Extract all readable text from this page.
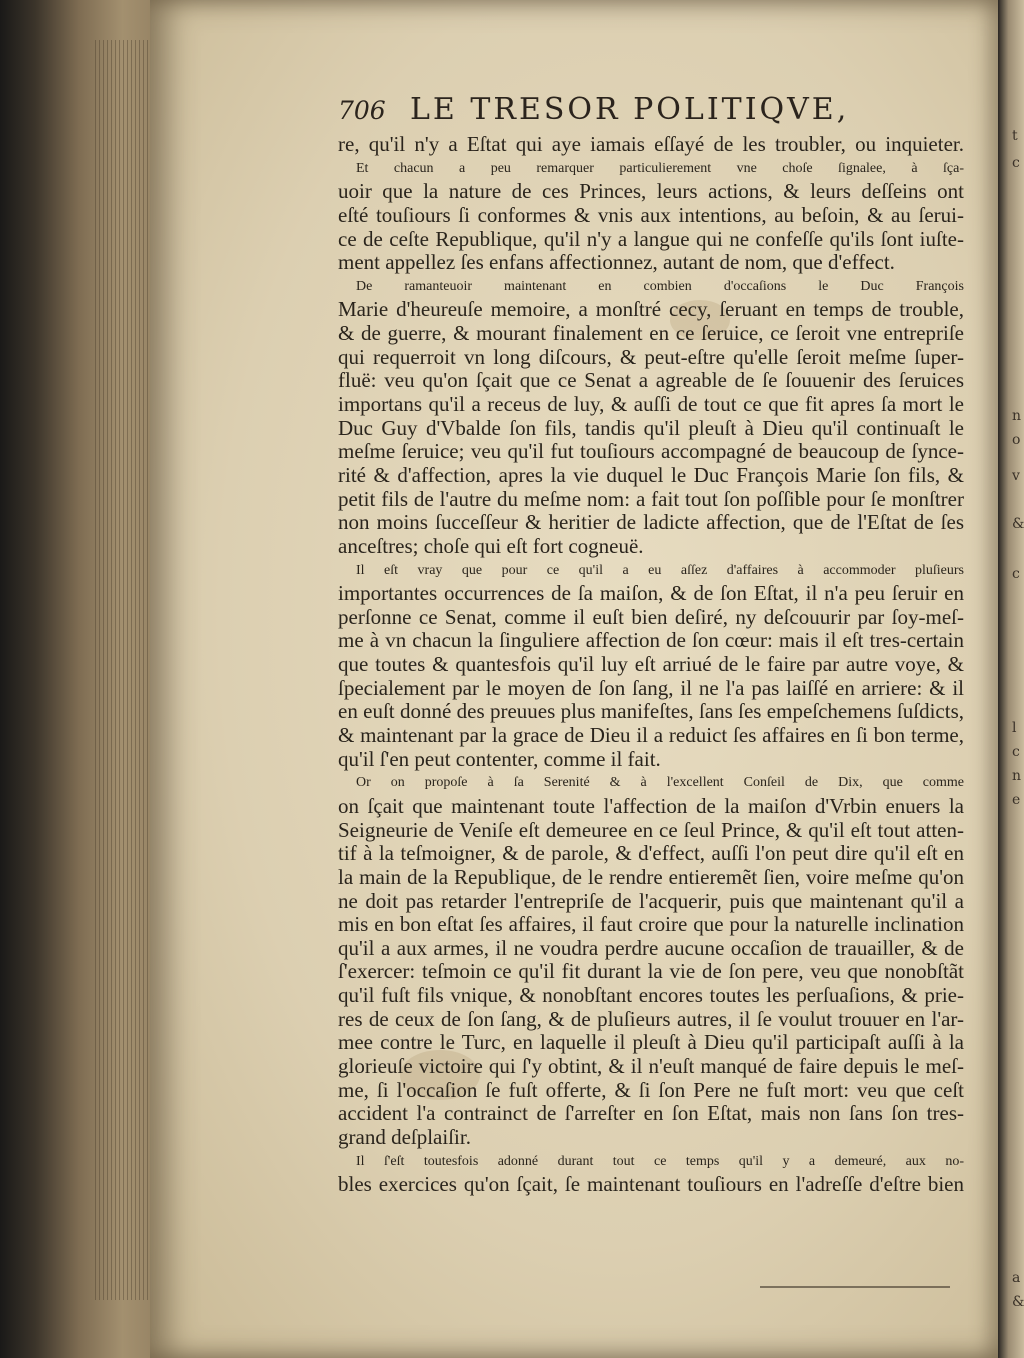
t
c
n
o
v
&
c
l
c
n
e
a
&
706 LE TRESOR POLITIQVE,
re, qu'il n'y a Eſtat qui aye iamais eſſayé de les troubler, ou inquieter.
Et chacun a peu remarquer particulierement vne choſe ſignalee, à ſça-
uoir que la nature de ces Princes, leurs actions, & leurs deſſeins ont
eſté touſiours ſi conformes & vnis aux intentions, au beſoin, & au ſerui-
ce de ceſte Republique, qu'il n'y a langue qui ne confeſſe qu'ils ſont iuſte-
ment appellez ſes enfans affectionnez, autant de nom, que d'effect.
De ramanteuoir maintenant en combien d'occaſions le Duc François
Marie d'heureuſe memoire, a monſtré cecy, ſeruant en temps de trouble,
& de guerre, & mourant finalement en ce ſeruice, ce ſeroit vne entrepriſe
qui requerroit vn long diſcours, & peut-eſtre qu'elle ſeroit meſme ſuper-
fluë: veu qu'on ſçait que ce Senat a agreable de ſe ſouuenir des ſeruices
importans qu'il a receus de luy, & auſſi de tout ce que fit apres ſa mort le
Duc Guy d'Vbalde ſon fils, tandis qu'il pleuſt à Dieu qu'il continuaſt le
meſme ſeruice; veu qu'il fut touſiours accompagné de beaucoup de ſynce-
rité & d'affection, apres la vie duquel le Duc François Marie ſon fils, &
petit fils de l'autre du meſme nom: a fait tout ſon poſſible pour ſe monſtrer
non moins ſucceſſeur & heritier de ladicte affection, que de l'Eſtat de ſes
anceſtres; choſe qui eſt fort cogneuë.
Il eſt vray que pour ce qu'il a eu aſſez d'affaires à accommoder pluſieurs
importantes occurrences de ſa maiſon, & de ſon Eſtat, il n'a peu ſeruir en
perſonne ce Senat, comme il euſt bien deſiré, ny deſcouurir par ſoy-meſ-
me à vn chacun la ſinguliere affection de ſon cœur: mais il eſt tres-certain
que toutes & quantesfois qu'il luy eſt arriué de le faire par autre voye, &
ſpecialement par le moyen de ſon ſang, il ne l'a pas laiſſé en arriere: & il
en euſt donné des preuues plus manifeſtes, ſans ſes empeſchemens ſuſdicts,
& maintenant par la grace de Dieu il a reduict ſes affaires en ſi bon terme,
qu'il ſ'en peut contenter, comme il fait.
Or on propoſe à ſa Serenité & à l'excellent Conſeil de Dix, que comme
on ſçait que maintenant toute l'affection de la maiſon d'Vrbin enuers la
Seigneurie de Veniſe eſt demeuree en ce ſeul Prince, & qu'il eſt tout atten-
tif à la teſmoigner, & de parole, & d'effect, auſſi l'on peut dire qu'il eſt en
la main de la Republique, de le rendre entieremẽt ſien, voire meſme qu'on
ne doit pas retarder l'entrepriſe de l'acquerir, puis que maintenant qu'il a
mis en bon eſtat ſes affaires, il faut croire que pour la naturelle inclination
qu'il a aux armes, il ne voudra perdre aucune occaſion de trauailler, & de
ſ'exercer: teſmoin ce qu'il fit durant la vie de ſon pere, veu que nonobſtãt
qu'il fuſt fils vnique, & nonobſtant encores toutes les perſuaſions, & prie-
res de ceux de ſon ſang, & de pluſieurs autres, il ſe voulut trouuer en l'ar-
mee contre le Turc, en laquelle il pleuſt à Dieu qu'il participaſt auſſi à la
glorieuſe victoire qui ſ'y obtint, & il n'euſt manqué de faire depuis le meſ-
me, ſi l'occaſion ſe fuſt offerte, & ſi ſon Pere ne fuſt mort: veu que ceſt
accident l'a contrainct de ſ'arreſter en ſon Eſtat, mais non ſans ſon tres-
grand deſplaiſir.
Il ſ'eſt toutesfois adonné durant tout ce temps qu'il y a demeuré, aux no-
bles exercices qu'on ſçait, ſe maintenant touſiours en l'adreſſe d'eſtre bien
